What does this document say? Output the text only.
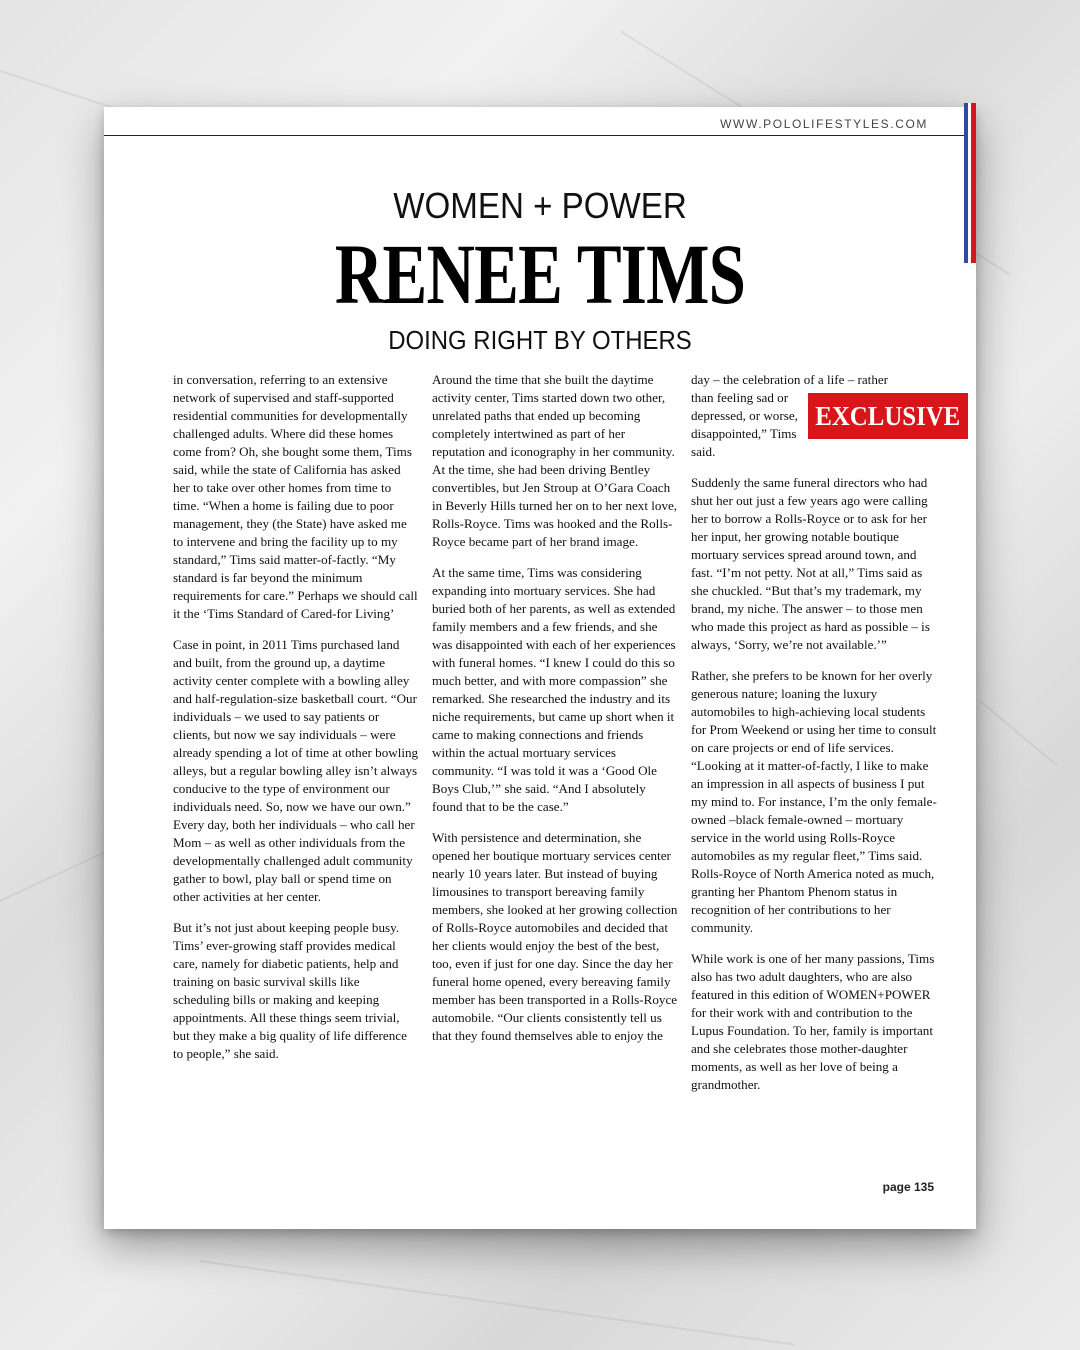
WWW.POLOLIFESTYLES.COM
WOMEN + POWER
RENEE TIMS
DOING RIGHT BY OTHERS

in conversation, referring to an extensive network of supervised and staff-supported residential communities for developmentally challenged adults. Where did these homes come from? Oh, she bought some them, Tims said, while the state of California has asked her to take over other homes from time to time. “When a home is failing due to poor management, they (the State) have asked me to intervene and bring the facility up to my standard,” Tims said matter-of-factly. “My standard is far beyond the minimum requirements for care.” Perhaps we should call it the ‘Tims Standard of Cared-for Living’

Case in point, in 2011 Tims purchased land and built, from the ground up, a daytime activity center complete with a bowling alley and half-regulation-size basketball court. “Our individuals – we used to say patients or clients, but now we say individuals – were already spending a lot of time at other bowling alleys, but a regular bowling alley isn’t always conducive to the type of environment our individuals need. So, now we have our own.” Every day, both her individuals – who call her Mom – as well as other individuals from the developmentally challenged adult community gather to bowl, play ball or spend time on other activities at her center.

But it’s not just about keeping people busy. Tims’ ever-growing staff provides medical care, namely for diabetic patients, help and training on basic survival skills like scheduling bills or making and keeping appointments. All these things seem trivial, but they make a big quality of life difference to people,” she said.

Around the time that she built the daytime activity center, Tims started down two other, unrelated paths that ended up becoming completely intertwined as part of her reputation and iconography in her community. At the time, she had been driving Bentley convertibles, but Jen Stroup at O’Gara Coach in Beverly Hills turned her on to her next love, Rolls-Royce. Tims was hooked and the Rolls-Royce became part of her brand image.

At the same time, Tims was considering expanding into mortuary services. She had buried both of her parents, as well as extended family members and a few friends, and she was disappointed with each of her experiences with funeral homes. “I knew I could do this so much better, and with more compassion” she remarked. She researched the industry and its niche requirements, but came up short when it came to making connections and friends within the actual mortuary services community. “I was told it was a ‘Good Ole Boys Club,’” she said. “And I absolutely found that to be the case.”

With persistence and determination, she opened her boutique mortuary services center nearly 10 years later. But instead of buying limousines to transport bereaving family members, she looked at her growing collection of Rolls-Royce automobiles and decided that her clients would enjoy the best of the best, too, even if just for one day. Since the day her funeral home opened, every bereaving family member has been transported in a Rolls-Royce automobile. “Our clients consistently tell us that they found themselves able to enjoy the

day – the celebration of a life – rather

than feeling sad or depressed, or worse, disappointed,” Tims said.

Suddenly the same funeral directors who had shut her out just a few years ago were calling her to borrow a Rolls-Royce or to ask for her her input, her growing notable boutique mortuary services spread around town, and fast. “I’m not petty. Not at all,” Tims said as she chuckled. “But that’s my trademark, my brand, my niche. The answer – to those men who made this project as hard as possible – is always, ‘Sorry, we’re not available.’”

Rather, she prefers to be known for her overly generous nature; loaning the luxury automobiles to high-achieving local students for Prom Weekend or using her time to consult on care projects or end of life services. “Looking at it matter-of-factly, I like to make an impression in all aspects of business I put my mind to. For instance, I’m the only female-owned –black female-owned – mortuary service in the world using Rolls-Royce automobiles as my regular fleet,” Tims said. Rolls-Royce of North America noted as much, granting her Phantom Phenom status in recognition of her contributions to her community.

While work is one of her many passions, Tims also has two adult daughters, who are also featured in this edition of WOMEN+POWER for their work with and contribution to the Lupus Foundation. To her, family is important and she celebrates those mother-daughter moments, as well as her love of being a grandmother.

EXCLUSIVE
page 135
